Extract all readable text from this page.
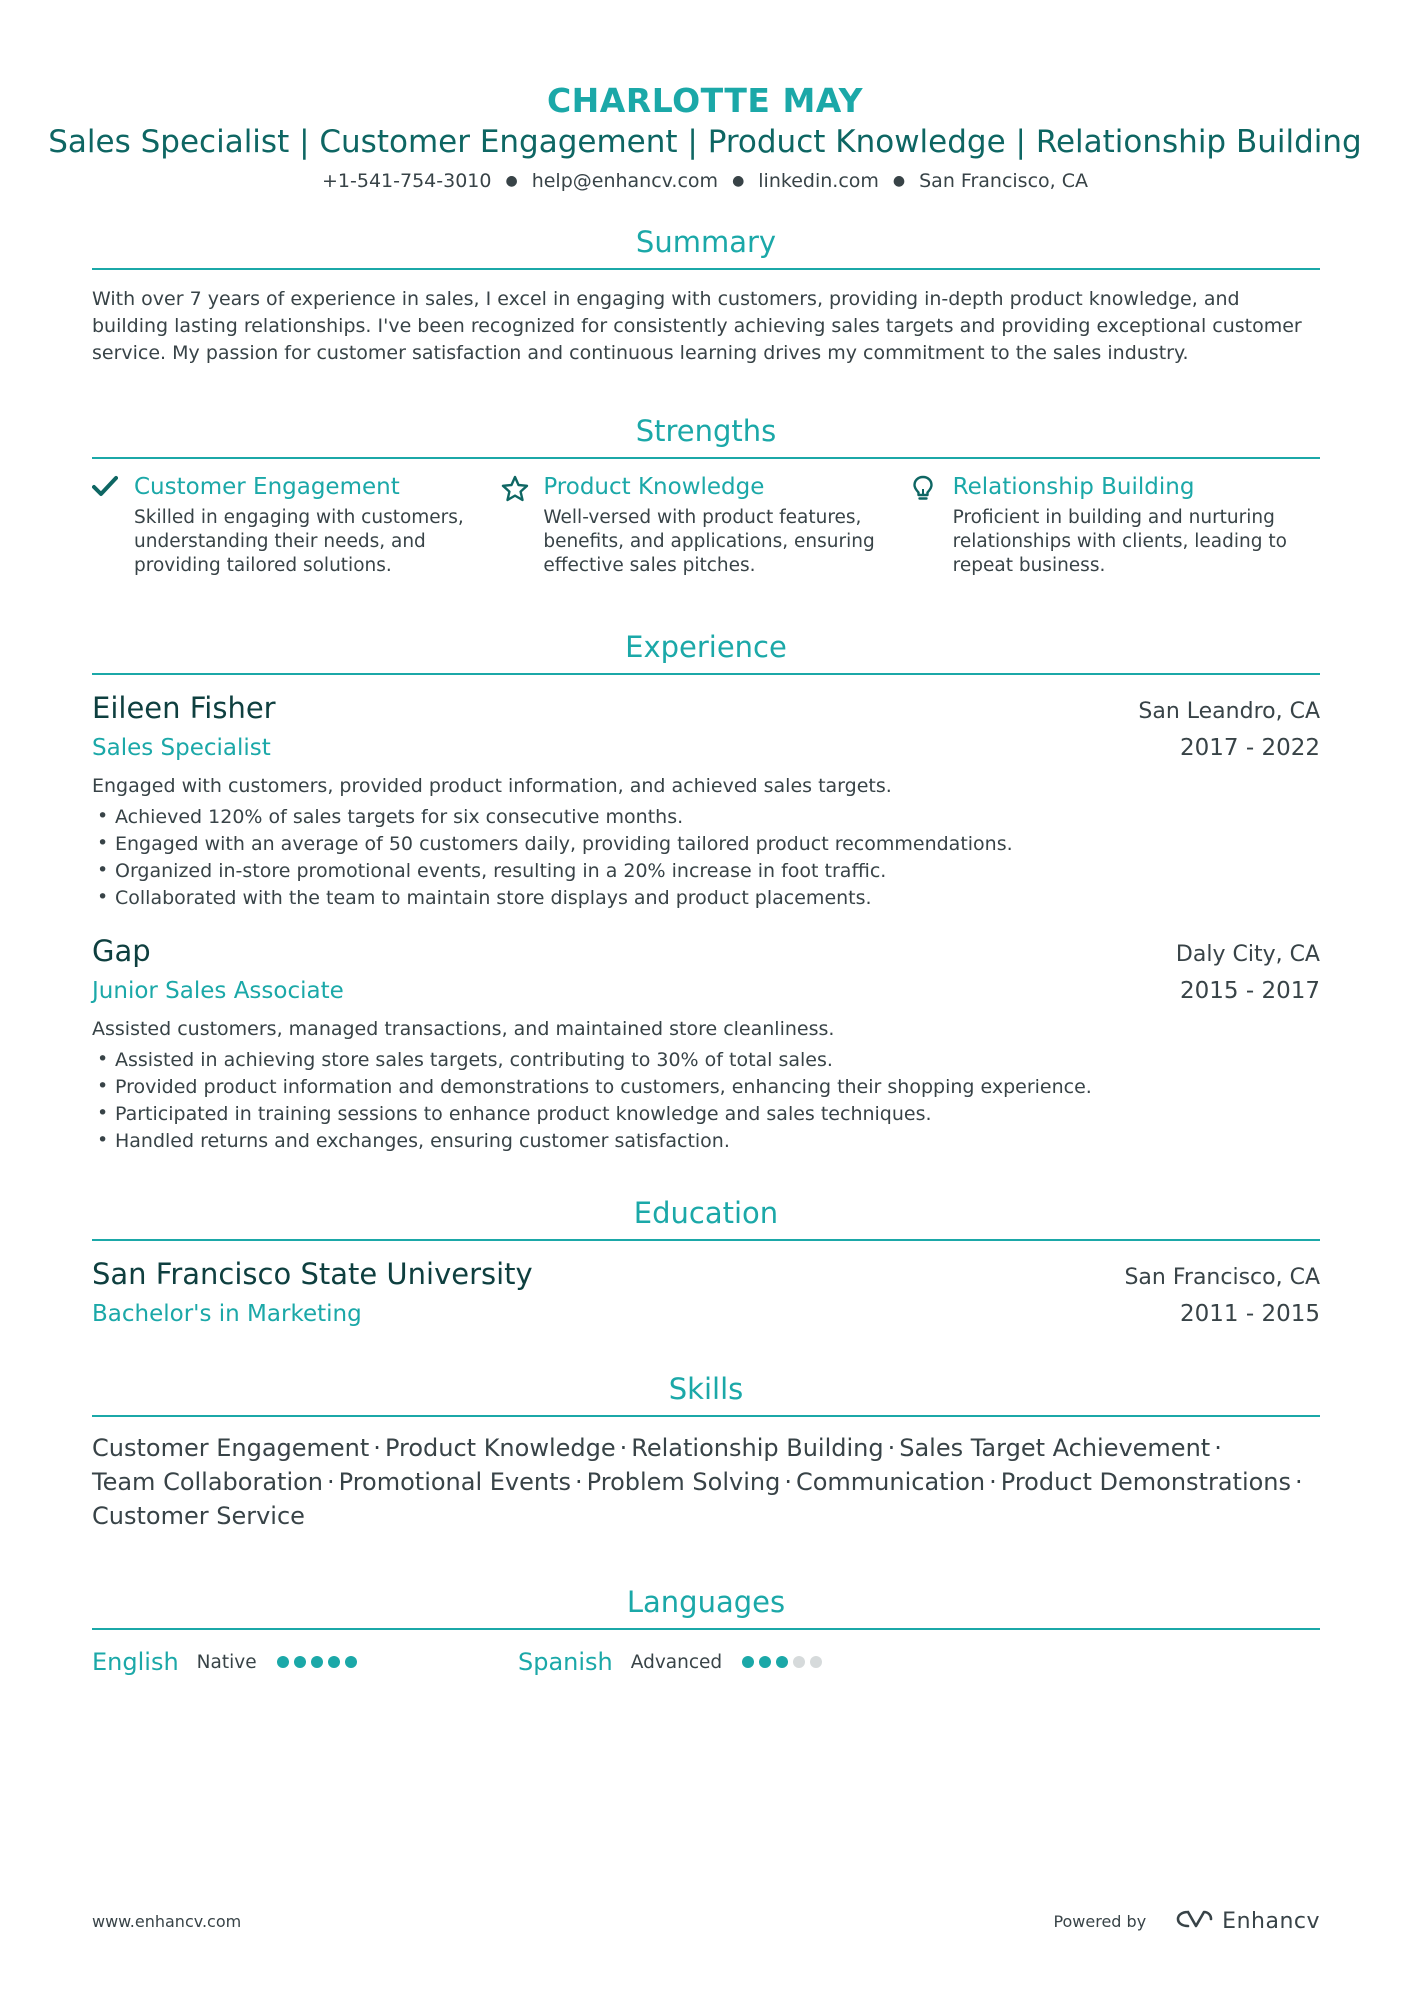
CHARLOTTE MAY
Sales Specialist | Customer Engagement | Product Knowledge | Relationship Building
+1-541-754-3010 ● help@enhancv.com ● linkedin.com ● San Francisco, CA
Summary
With over 7 years of experience in sales, I excel in engaging with customers, providing in-depth product knowledge, and building lasting relationships. I've been recognized for consistently achieving sales targets and providing exceptional customer service. My passion for customer satisfaction and continuous learning drives my commitment to the sales industry.
Strengths
Customer Engagement
Skilled in engaging with customers, understanding their needs, and providing tailored solutions.
Product Knowledge
Well-versed with product features, benefits, and applications, ensuring effective sales pitches.
Relationship Building
Proficient in building and nurturing relationships with clients, leading to repeat business.
Experience
Eileen Fisher	San Leandro, CA
Sales Specialist	2017 - 2022
Engaged with customers, provided product information, and achieved sales targets.
• Achieved 120% of sales targets for six consecutive months.
• Engaged with an average of 50 customers daily, providing tailored product recommendations.
• Organized in-store promotional events, resulting in a 20% increase in foot traffic.
• Collaborated with the team to maintain store displays and product placements.
Gap	Daly City, CA
Junior Sales Associate	2015 - 2017
Assisted customers, managed transactions, and maintained store cleanliness.
• Assisted in achieving store sales targets, contributing to 30% of total sales.
• Provided product information and demonstrations to customers, enhancing their shopping experience.
• Participated in training sessions to enhance product knowledge and sales techniques.
• Handled returns and exchanges, ensuring customer satisfaction.
Education
San Francisco State University	San Francisco, CA
Bachelor's in Marketing	2011 - 2015
Skills
Customer Engagement · Product Knowledge · Relationship Building · Sales Target Achievement ·
Team Collaboration · Promotional Events · Problem Solving · Communication · Product Demonstrations ·
Customer Service
Languages
English Native	Spanish Advanced
www.enhancv.com	Powered by	Enhancv
